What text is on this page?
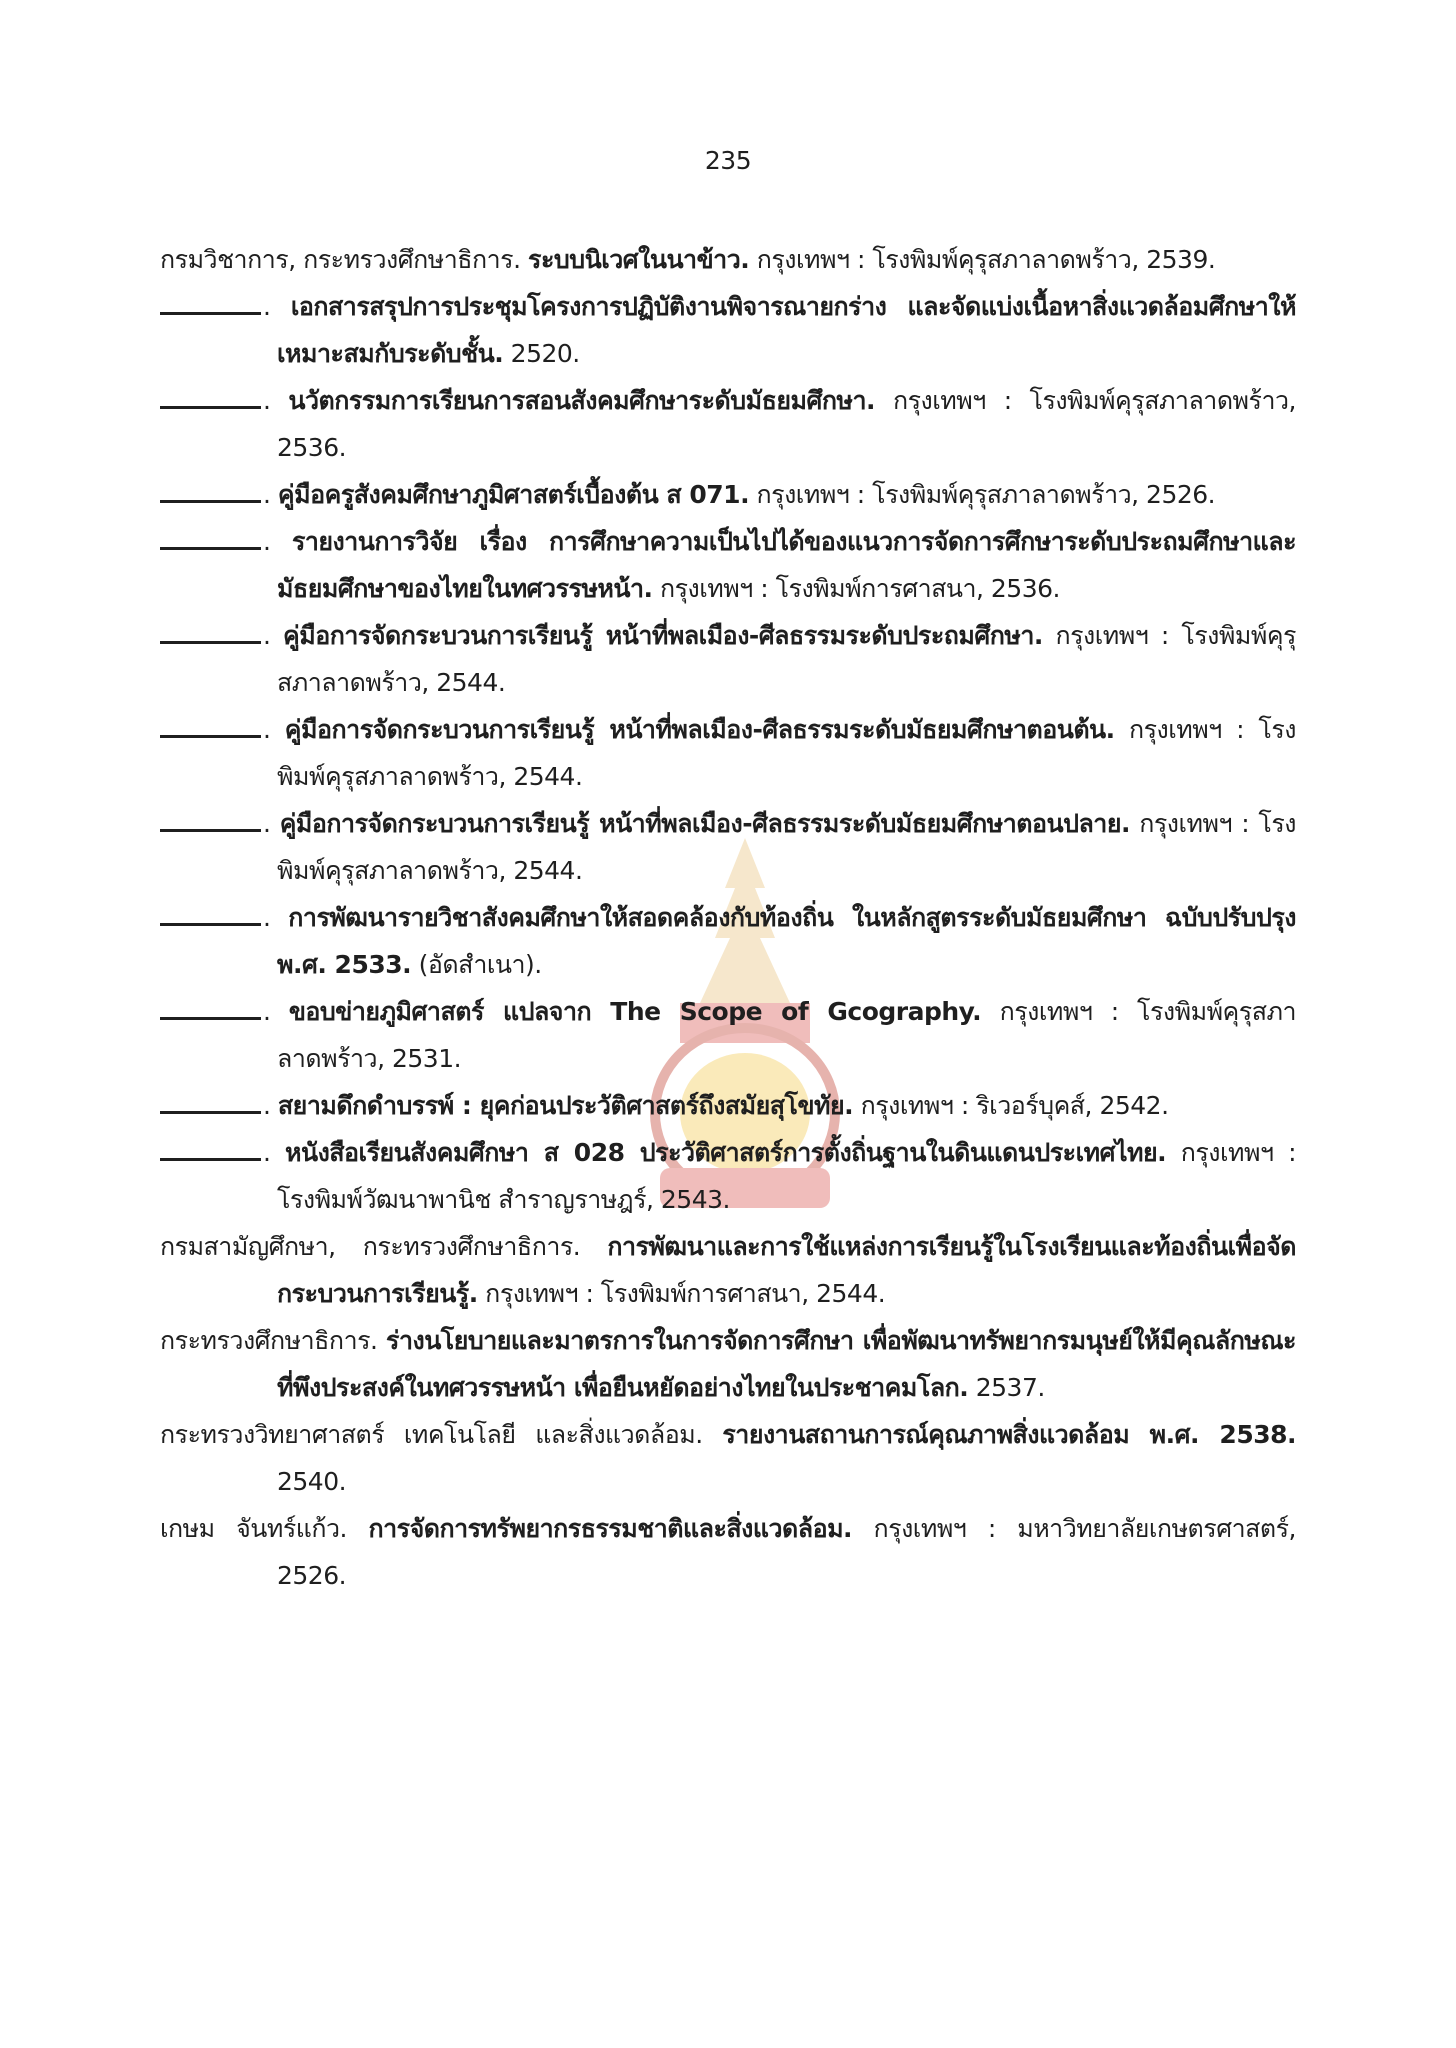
235
กรมวิชาการ, กระทรวงศึกษาธิการ. ระบบนิเวศในนาข้าว. กรุงเทพฯ : โรงพิมพ์คุรุสภาลาดพร้าว, 2539.
. เอกสารสรุปการประชุมโครงการปฏิบัติงานพิจารณายกร่าง และจัดแบ่งเนื้อหาสิ่งแวดล้อมศึกษาให้เหมาะสมกับระดับชั้น. 2520.
. นวัตกรรมการเรียนการสอนสังคมศึกษาระดับมัธยมศึกษา. กรุงเทพฯ : โรงพิมพ์คุรุสภาลาดพร้าว, 2536.
. คู่มือครูสังคมศึกษาภูมิศาสตร์เบื้องต้น ส 071. กรุงเทพฯ : โรงพิมพ์คุรุสภาลาดพร้าว, 2526.
. รายงานการวิจัย เรื่อง การศึกษาความเป็นไปได้ของแนวการจัดการศึกษาระดับประถมศึกษาและมัธยมศึกษาของไทยในทศวรรษหน้า. กรุงเทพฯ : โรงพิมพ์การศาสนา, 2536.
. คู่มือการจัดกระบวนการเรียนรู้ หน้าที่พลเมือง-ศีลธรรมระดับประถมศึกษา. กรุงเทพฯ : โรงพิมพ์คุรุสภาลาดพร้าว, 2544.
. คู่มือการจัดกระบวนการเรียนรู้ หน้าที่พลเมือง-ศีลธรรมระดับมัธยมศึกษาตอนต้น. กรุงเทพฯ : โรงพิมพ์คุรุสภาลาดพร้าว, 2544.
. คู่มือการจัดกระบวนการเรียนรู้ หน้าที่พลเมือง-ศีลธรรมระดับมัธยมศึกษาตอนปลาย. กรุงเทพฯ : โรงพิมพ์คุรุสภาลาดพร้าว, 2544.
. การพัฒนารายวิชาสังคมศึกษาให้สอดคล้องกับท้องถิ่น ในหลักสูตรระดับมัธยมศึกษา ฉบับปรับปรุง พ.ศ. 2533. (อัดสำเนา).
. ขอบข่ายภูมิศาสตร์ แปลจาก The Scope of Gcography. กรุงเทพฯ : โรงพิมพ์คุรุสภาลาดพร้าว, 2531.
. สยามดึกดำบรรพ์ : ยุคก่อนประวัติศาสตร์ถึงสมัยสุโขทัย. กรุงเทพฯ : ริเวอร์บุคส์, 2542.
. หนังสือเรียนสังคมศึกษา ส 028 ประวัติศาสตร์การตั้งถิ่นฐานในดินแดนประเทศไทย. กรุงเทพฯ : โรงพิมพ์วัฒนาพานิช สำราญราษฎร์, 2543.
กรมสามัญศึกษา, กระทรวงศึกษาธิการ. การพัฒนาและการใช้แหล่งการเรียนรู้ในโรงเรียนและท้องถิ่นเพื่อจัดกระบวนการเรียนรู้. กรุงเทพฯ : โรงพิมพ์การศาสนา, 2544.
กระทรวงศึกษาธิการ. ร่างนโยบายและมาตรการในการจัดการศึกษา เพื่อพัฒนาทรัพยากรมนุษย์ให้มีคุณลักษณะที่พึงประสงค์ในทศวรรษหน้า เพื่อยืนหยัดอย่างไทยในประชาคมโลก. 2537.
กระทรวงวิทยาศาสตร์ เทคโนโลยี และสิ่งแวดล้อม. รายงานสถานการณ์คุณภาพสิ่งแวดล้อม พ.ศ. 2538. 2540.
เกษม จันทร์แก้ว. การจัดการทรัพยากรธรรมชาติและสิ่งแวดล้อม. กรุงเทพฯ : มหาวิทยาลัยเกษตรศาสตร์, 2526.
